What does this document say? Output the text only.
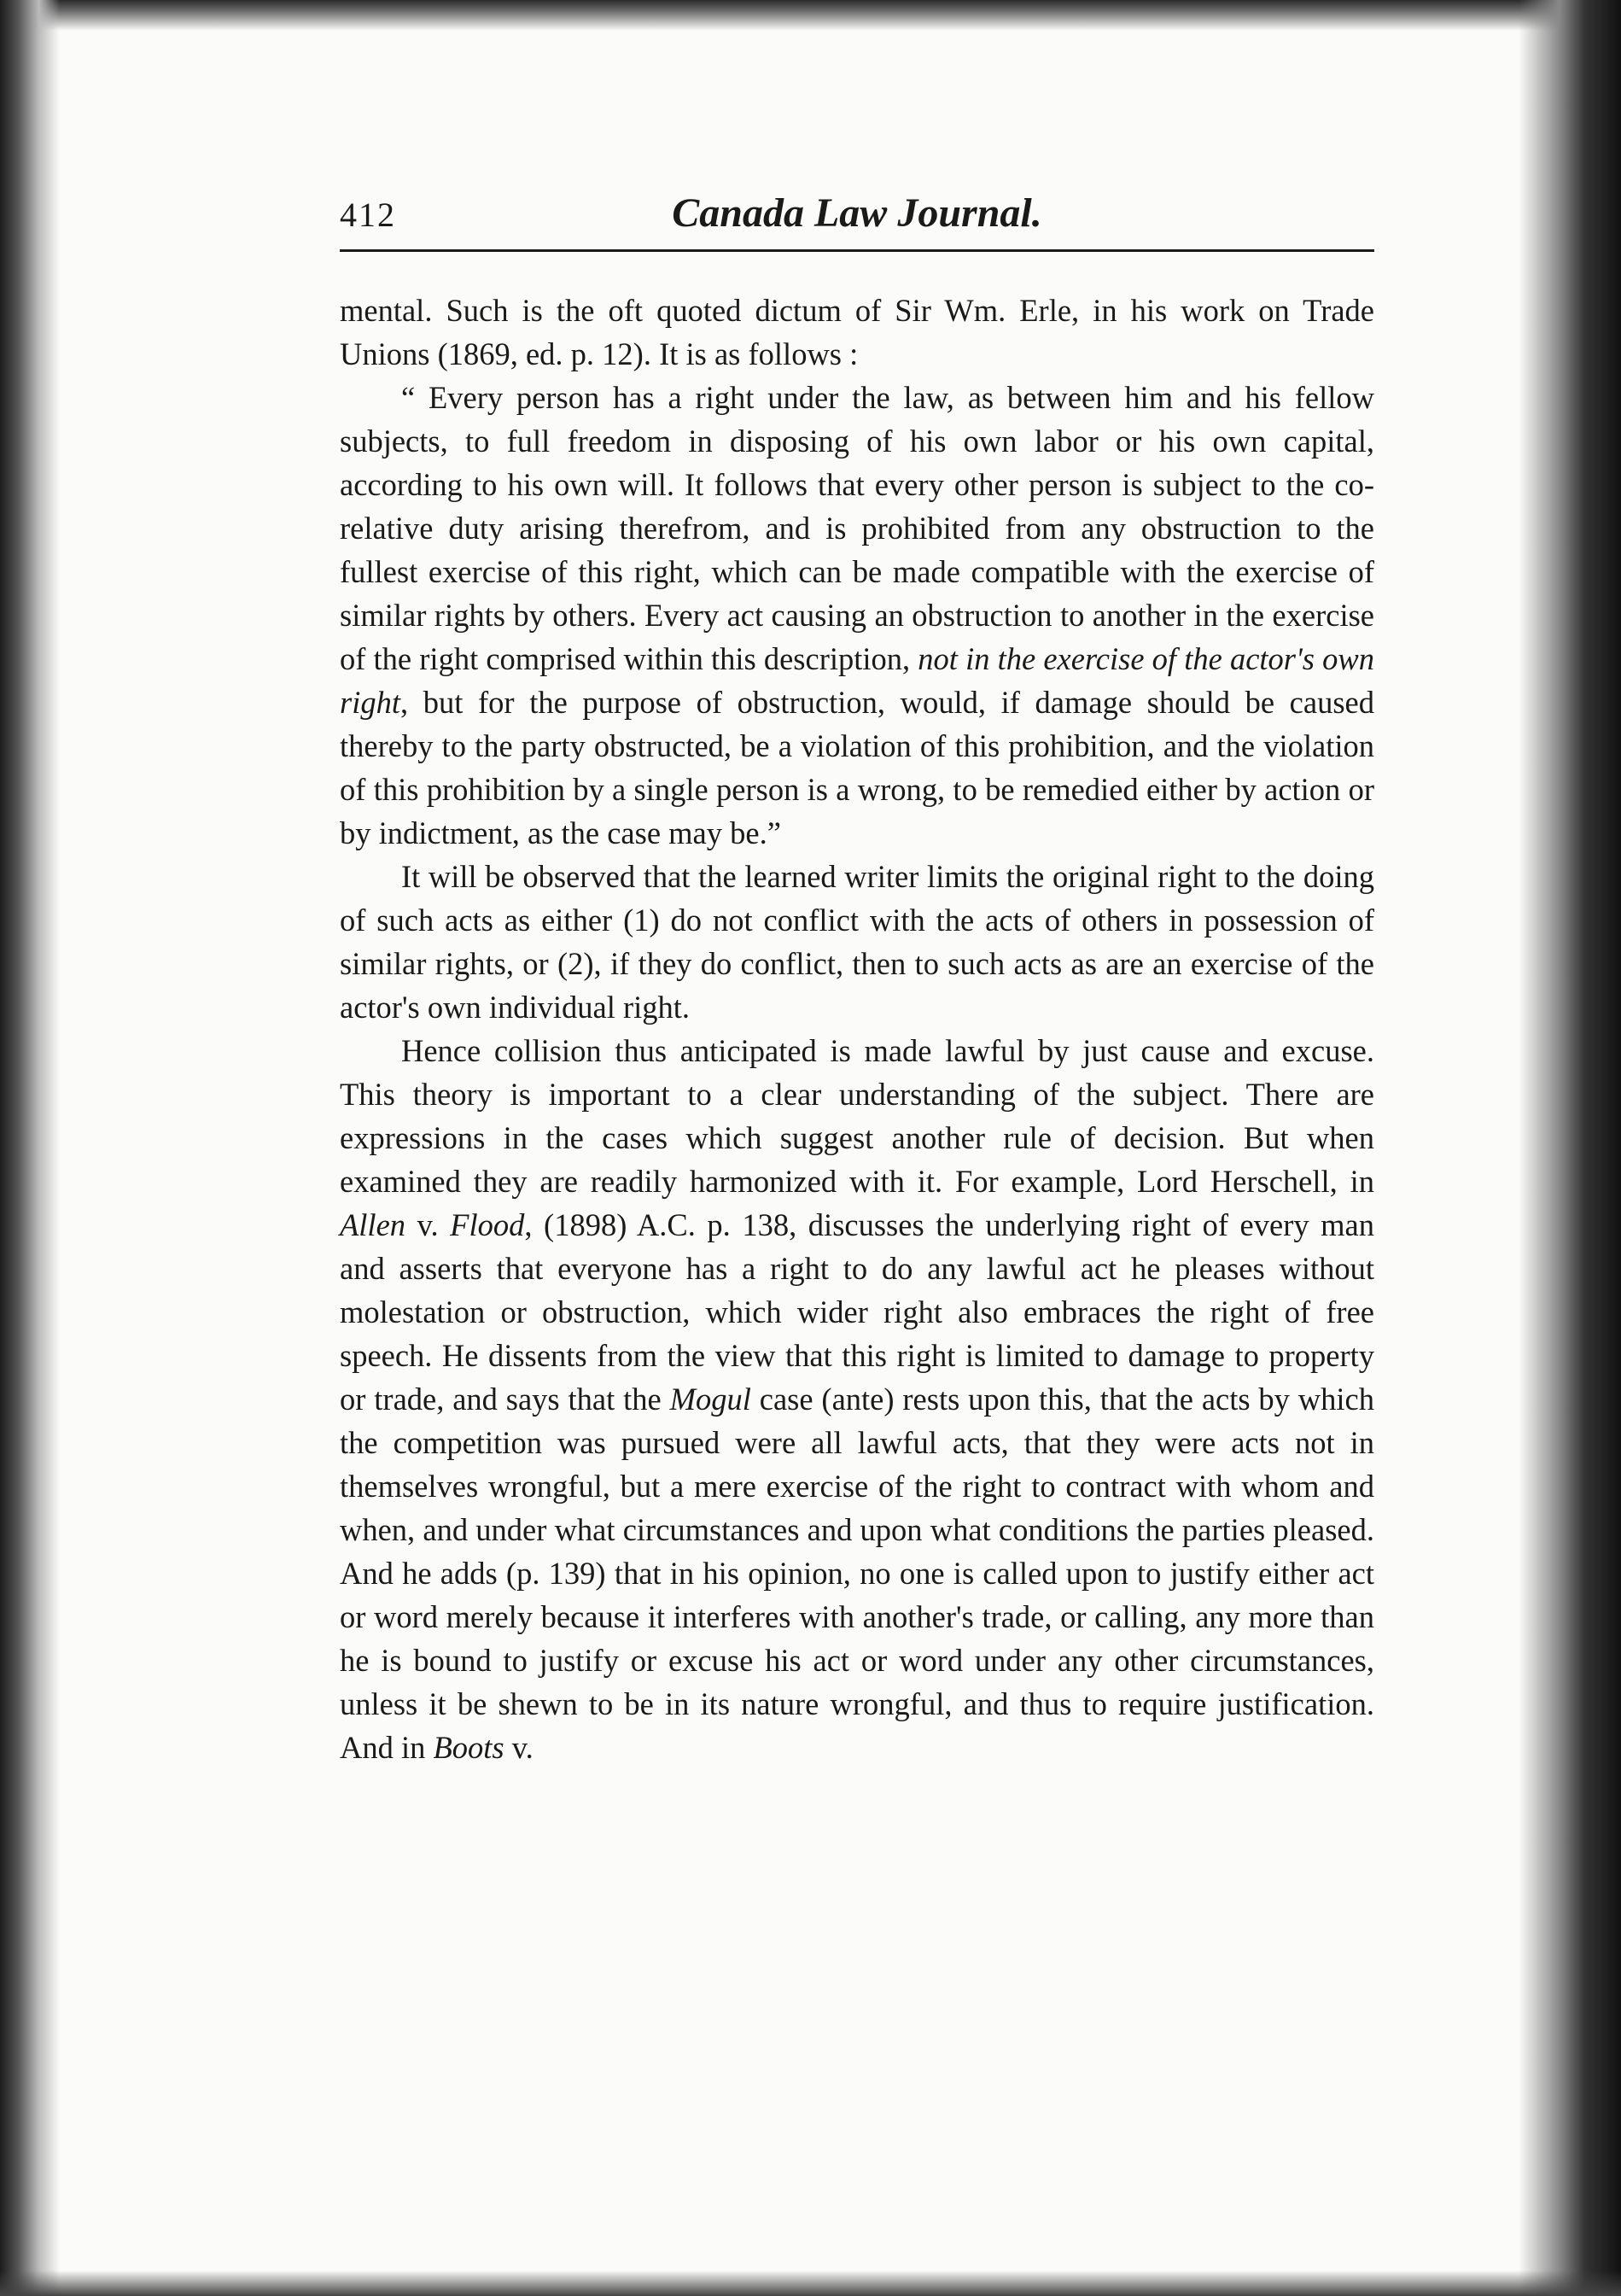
412	Canada Law Journal.

mental. Such is the oft quoted dictum of Sir Wm. Erle, in his work on Trade Unions (1869, ed. p. 12). It is as follows :

“ Every person has a right under the law, as between him and his fellow subjects, to full freedom in disposing of his own labor or his own capital, according to his own will. It follows that every other person is subject to the co-relative duty arising therefrom, and is prohibited from any obstruction to the fullest exercise of this right, which can be made compatible with the exercise of similar rights by others. Every act causing an obstruction to another in the exercise of the right comprised within this description, not in the exercise of the actor's own right, but for the purpose of obstruction, would, if damage should be caused thereby to the party obstructed, be a violation of this prohibition, and the violation of this prohibition by a single person is a wrong, to be remedied either by action or by indictment, as the case may be.”

It will be observed that the learned writer limits the original right to the doing of such acts as either (1) do not conflict with the acts of others in possession of similar rights, or (2), if they do conflict, then to such acts as are an exercise of the actor's own individual right.

Hence collision thus anticipated is made lawful by just cause and excuse. This theory is important to a clear understanding of the subject. There are expressions in the cases which suggest another rule of decision. But when examined they are readily harmonized with it. For example, Lord Herschell, in Allen v. Flood, (1898) A.C. p. 138, discusses the underlying right of every man and asserts that everyone has a right to do any lawful act he pleases without molestation or obstruction, which wider right also embraces the right of free speech. He dissents from the view that this right is limited to damage to property or trade, and says that the Mogul case (ante) rests upon this, that the acts by which the competition was pursued were all lawful acts, that they were acts not in themselves wrongful, but a mere exercise of the right to contract with whom and when, and under what circumstances and upon what conditions the parties pleased. And he adds (p. 139) that in his opinion, no one is called upon to justify either act or word merely because it interferes with another's trade, or calling, any more than he is bound to justify or excuse his act or word under any other circumstances, unless it be shewn to be in its nature wrongful, and thus to require justification. And in Boots v.
